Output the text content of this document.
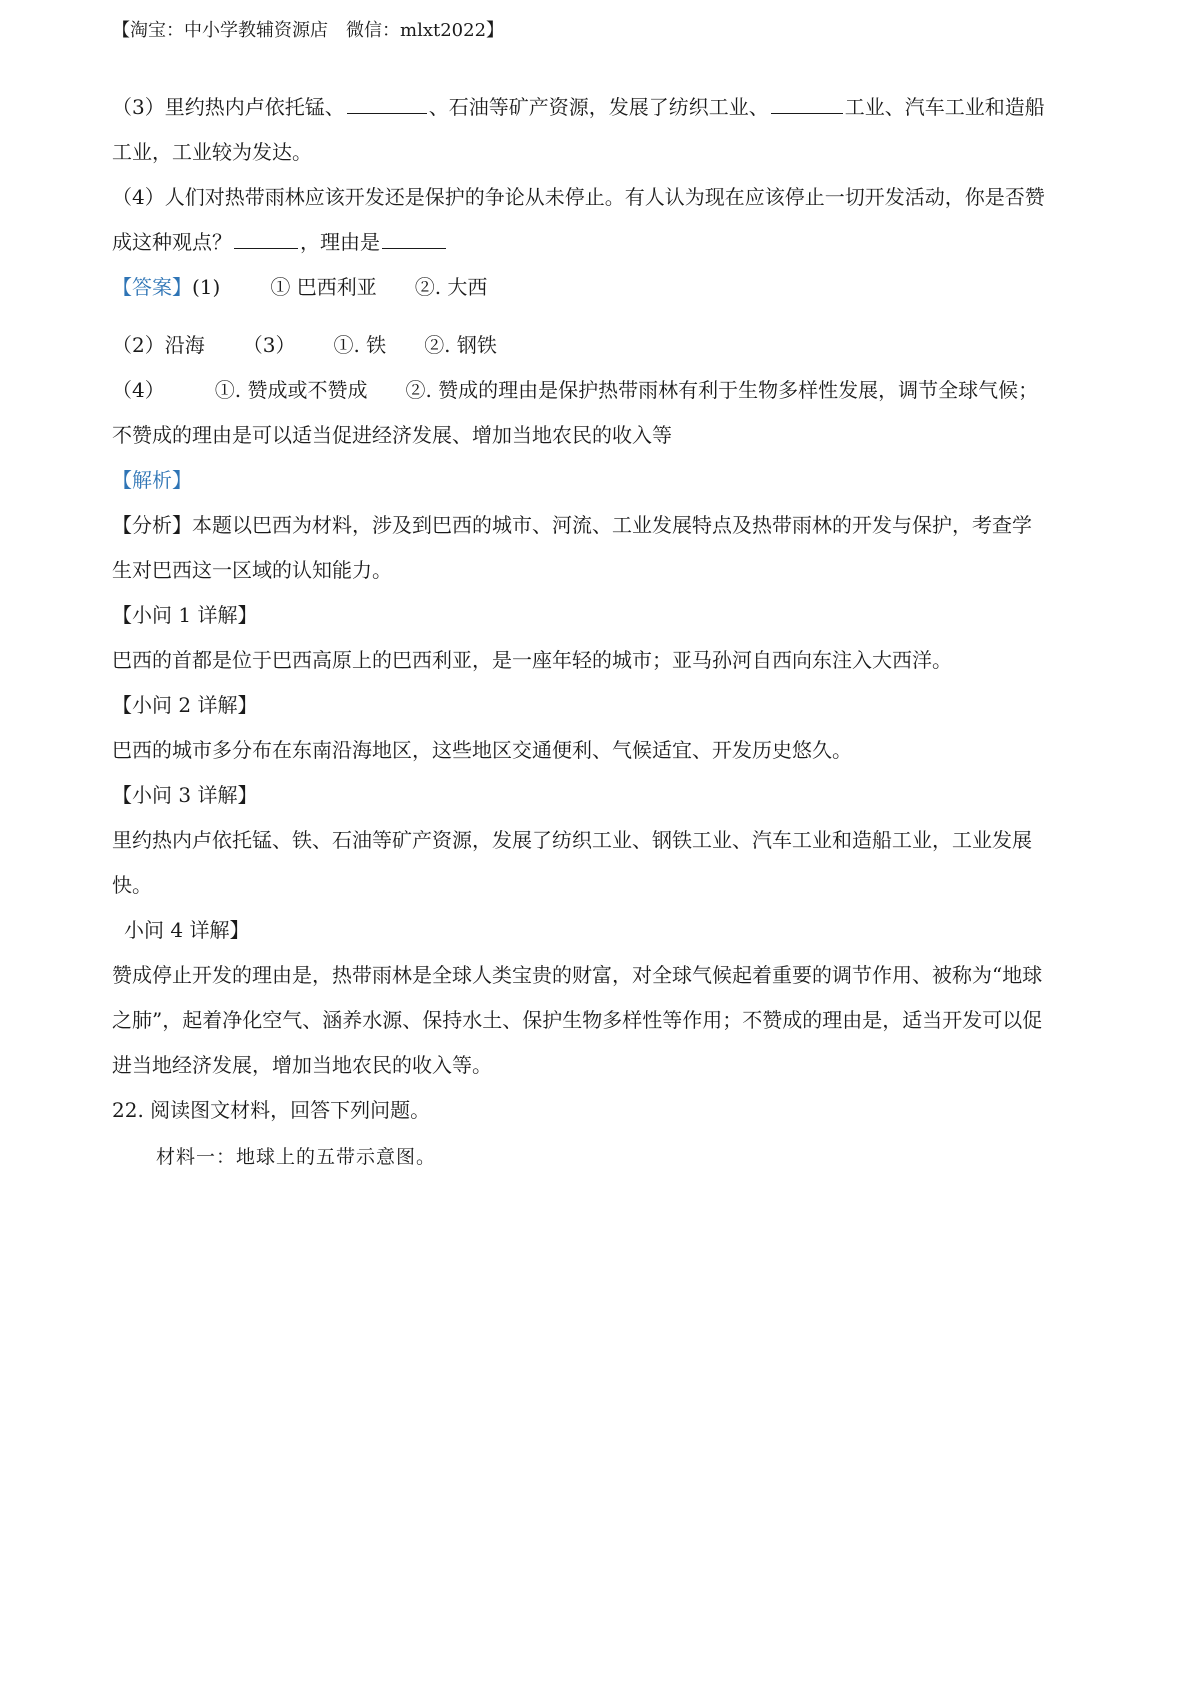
【淘宝：中小学教辅资源店　微信：mlxt2022】
（3）里约热内卢依托锰、	、石油等矿产资源，发展了纺织工业、	工业、汽车工业和造船
工业，工业较为发达。
（4）人们对热带雨林应该开发还是保护的争论从未停止。有人认为现在应该停止一切开发活动，你是否赞
成这种观点？	，理由是
【答案】(1)	① 巴西利亚 ②. 大西
（2）沿海 （3） ①. 铁 ②. 钢铁
（4）	①. 赞成或不赞成 ②. 赞成的理由是保护热带雨林有利于生物多样性发展，调节全球气候；
不赞成的理由是可以适当促进经济发展、增加当地农民的收入等
【解析】
【分析】本题以巴西为材料，涉及到巴西的城市、河流、工业发展特点及热带雨林的开发与保护，考查学
生对巴西这一区域的认知能力。
【小问 1 详解】
巴西的首都是位于巴西高原上的巴西利亚，是一座年轻的城市；亚马孙河自西向东注入大西洋。
【小问 2 详解】
巴西的城市多分布在东南沿海地区，这些地区交通便利、气候适宜、开发历史悠久。
【小问 3 详解】
里约热内卢依托锰、铁、石油等矿产资源，发展了纺织工业、钢铁工业、汽车工业和造船工业，工业发展
快。
小问 4 详解】
赞成停止开发的理由是，热带雨林是全球人类宝贵的财富，对全球气候起着重要的调节作用、被称为“地球
之肺”，起着净化空气、涵养水源、保持水土、保护生物多样性等作用；不赞成的理由是，适当开发可以促
进当地经济发展，增加当地农民的收入等。
22. 阅读图文材料，回答下列问题。
材料一：地球上的五带示意图。
